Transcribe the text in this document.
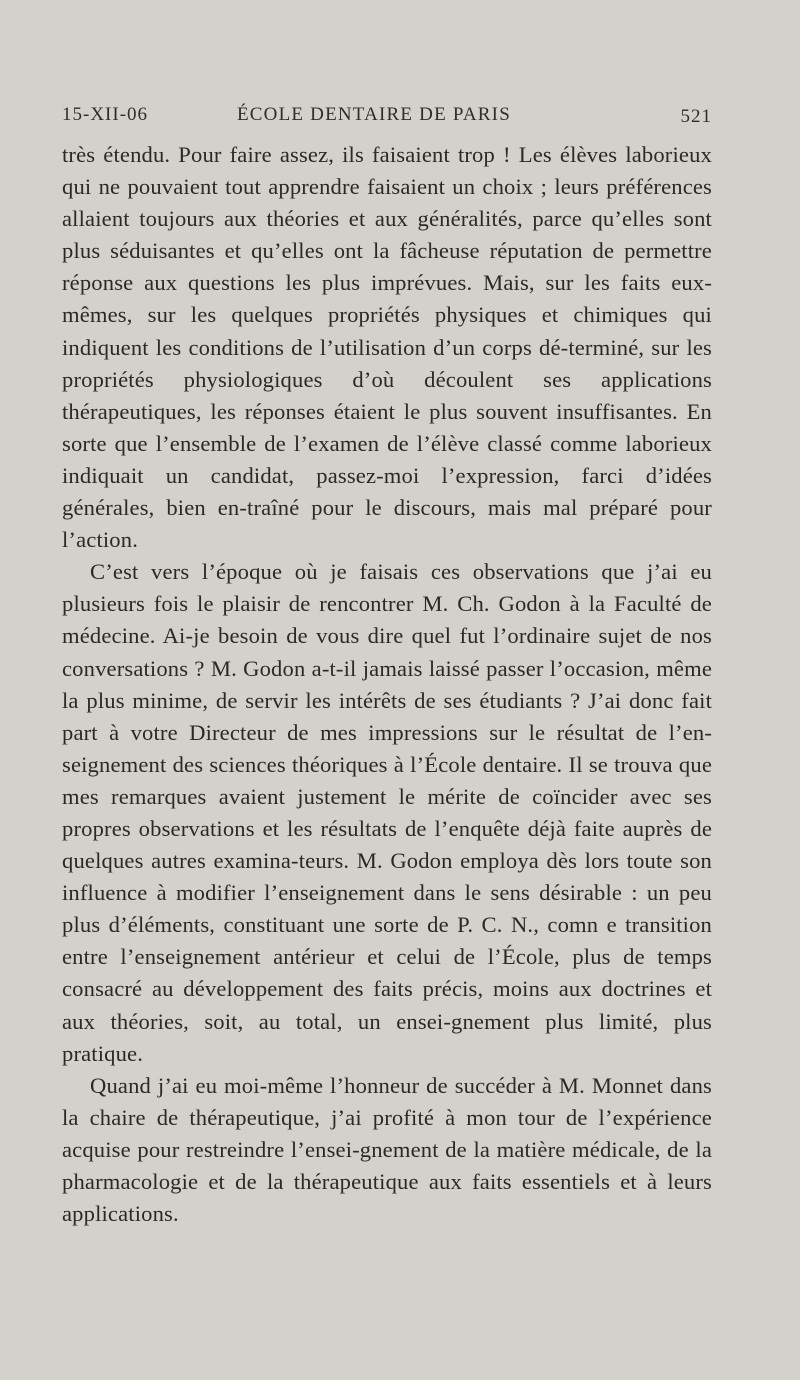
15-XII-06	ÉCOLE DENTAIRE DE PARIS	521

très étendu. Pour faire assez, ils faisaient trop ! Les élèves laborieux qui ne pouvaient tout apprendre faisaient un choix ; leurs préférences allaient toujours aux théories et aux généralités, parce qu’elles sont plus séduisantes et qu’elles ont la fâcheuse réputation de permettre réponse aux questions les plus imprévues. Mais, sur les faits eux-mêmes, sur les quelques propriétés physiques et chimiques qui indiquent les conditions de l’utilisation d’un corps dé-terminé, sur les propriétés physiologiques d’où découlent ses applications thérapeutiques, les réponses étaient le plus souvent insuffisantes. En sorte que l’ensemble de l’examen de l’élève classé comme laborieux indiquait un candidat, passez-moi l’expression, farci d’idées générales, bien en-traîné pour le discours, mais mal préparé pour l’action.

C’est vers l’époque où je faisais ces observations que j’ai eu plusieurs fois le plaisir de rencontrer M. Ch. Godon à la Faculté de médecine. Ai-je besoin de vous dire quel fut l’ordinaire sujet de nos conversations ? M. Godon a-t-il jamais laissé passer l’occasion, même la plus minime, de servir les intérêts de ses étudiants ? J’ai donc fait part à votre Directeur de mes impressions sur le résultat de l’en-seignement des sciences théoriques à l’École dentaire. Il se trouva que mes remarques avaient justement le mérite de coïncider avec ses propres observations et les résultats de l’enquête déjà faite auprès de quelques autres examina-teurs. M. Godon employa dès lors toute son influence à modifier l’enseignement dans le sens désirable : un peu plus d’éléments, constituant une sorte de P. C. N., comn e transition entre l’enseignement antérieur et celui de l’École, plus de temps consacré au développement des faits précis, moins aux doctrines et aux théories, soit, au total, un ensei-gnement plus limité, plus pratique.

Quand j’ai eu moi-même l’honneur de succéder à M. Monnet dans la chaire de thérapeutique, j’ai profité à mon tour de l’expérience acquise pour restreindre l’ensei-gnement de la matière médicale, de la pharmacologie et de la thérapeutique aux faits essentiels et à leurs applications.
